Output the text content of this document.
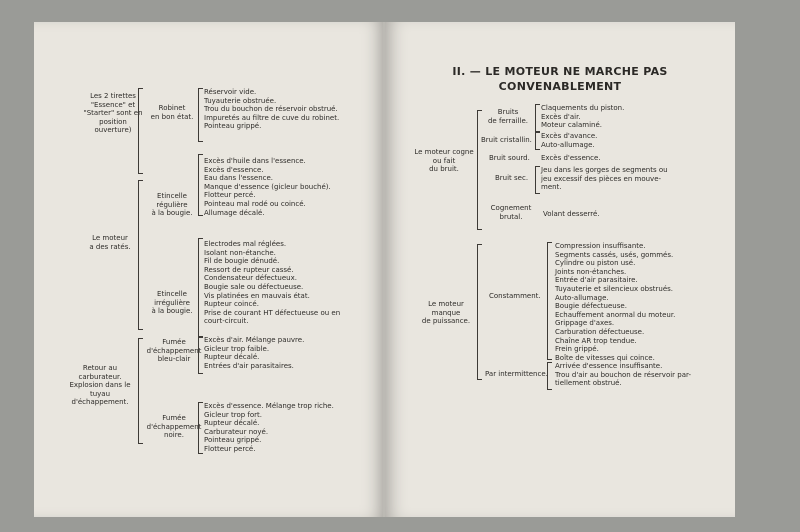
Les 2 tirettes
"Essence" et
"Starter" sont en
position
ouverture)
Robinet
en bon état.
Réservoir vide.
Tuyauterie obstruée.
Trou du bouchon de réservoir obstrué.
Impuretés au filtre de cuve du robinet.
Pointeau grippé.
Le moteur
a des ratés.
Etincelle
régulière
à la bougie.
Excès d'huile dans l'essence.
Excès d'essence.
Eau dans l'essence.
Manque d'essence (gicleur bouché).
Flotteur percé.
Pointeau mal rodé ou coincé.
Allumage décalé.
Etincelle
irrégulière
à la bougie.
Electrodes mal réglées.
Isolant non-étanche.
Fil de bougie dénudé.
Ressort de rupteur cassé.
Condensateur défectueux.
Bougie sale ou défectueuse.
Vis platinées en mauvais état.
Rupteur coincé.
Prise de courant HT défectueuse ou en
court-circuit.
Retour au
carburateur.
Explosion dans le
tuyau
d'échappement.
Fumée
d'échappement
bleu-clair
Excès d'air. Mélange pauvre.
Gicleur trop faible.
Rupteur décalé.
Entrées d'air parasitaires.
Fumée
d'échappement
noire.
Excès d'essence. Mélange trop riche.
Gicleur trop fort.
Rupteur décalé.
Carburateur noyé.
Pointeau grippé.
Flotteur percé.
II. — LE MOTEUR NE MARCHE PAS
CONVENABLEMENT
Le moteur cogne
ou fait
du bruit.
Bruits
de ferraille.
Claquements du piston.
Excès d'air.
Moteur calaminé.
Bruit cristallin. Excès d'avance.
Auto-allumage.
Bruit sourd. Excès d'essence.
Bruit sec.
Jeu dans les gorges de segments ou
jeu excessif des pièces en mouve-
ment.
Cognement
brutal.	Volant desserré.
Le moteur
manque
de puissance.
Constamment.
Compression insuffisante.
Segments cassés, usés, gommés.
Cylindre ou piston usé.
Joints non-étanches.
Entrée d'air parasitaire.
Tuyauterie et silencieux obstrués.
Auto-allumage.
Bougie défectueuse.
Echauffement anormal du moteur.
Grippage d'axes.
Carburation défectueuse.
Chaîne AR trop tendue.
Frein grippé.
Boîte de vitesses qui coince.
Par intermittence.
Arrivée d'essence insuffisante.
Trou d'air au bouchon de réservoir par-
tiellement obstrué.
